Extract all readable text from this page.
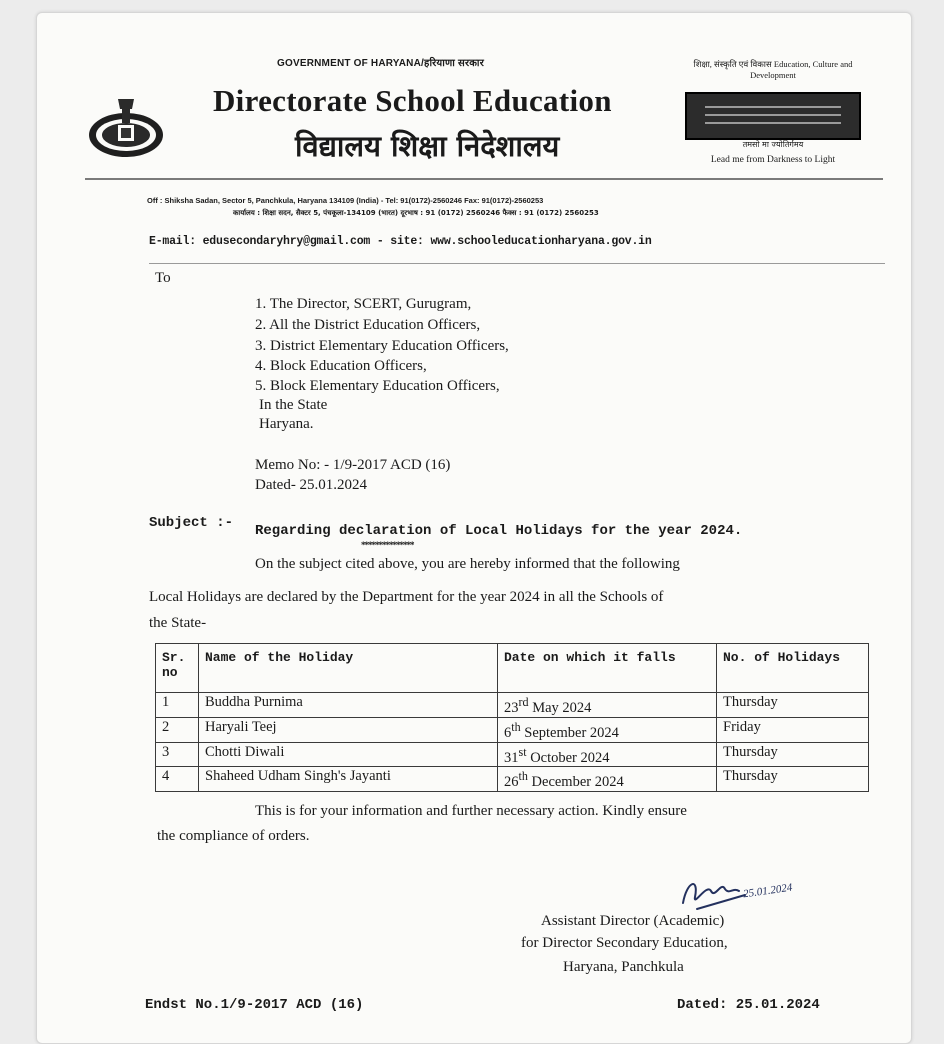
GOVERNMENT OF HARYANA/हरियाणा सरकार
Directorate School Education
विद्यालय शिक्षा निदेशालय
शिक्षा, संस्कृति एवं विकास Education, Culture and Development
तमसो मा ज्योतिर्गमय
Lead me from Darkness to Light
Off : Shiksha Sadan, Sector 5, Panchkula, Haryana 134109 (India) - Tel: 91(0172)-2560246 Fax: 91(0172)-2560253
कार्यालय : शिक्षा सदन, सैक्टर 5, पंचकूला-134109 (भारत) दूरभाष : 91 (0172) 2560246 फैक्स : 91 (0172) 2560253
E-mail: edusecondaryhry@gmail.com - site: www.schooleducationharyana.gov.in
To
1. The Director, SCERT, Gurugram,
2. All the District Education Officers,
3. District Elementary Education Officers,
4. Block Education Officers,
5. Block Elementary Education Officers,
In the State
Haryana.
Memo No: - 1/9-2017 ACD (16)
Dated- 25.01.2024
Subject :- Regarding declaration of Local Holidays for the year 2024.
***************
On the subject cited above, you are hereby informed that the following
Local Holidays are declared by the Department for the year 2024 in all the Schools of
the State-
Sr. no	Name of the Holiday	Date on which it falls	No. of Holidays
1	Buddha Purnima	23rd May 2024	Thursday
2	Haryali Teej	6th September 2024	Friday
3	Chotti Diwali	31st October 2024	Thursday
4	Shaheed Udham Singh's Jayanti	26th December 2024	Thursday
This is for your information and further necessary action. Kindly ensure
the compliance of orders.
25.01.2024
Assistant Director (Academic)
for Director Secondary Education,
Haryana, Panchkula
Endst No.1/9-2017 ACD (16)	Dated: 25.01.2024
